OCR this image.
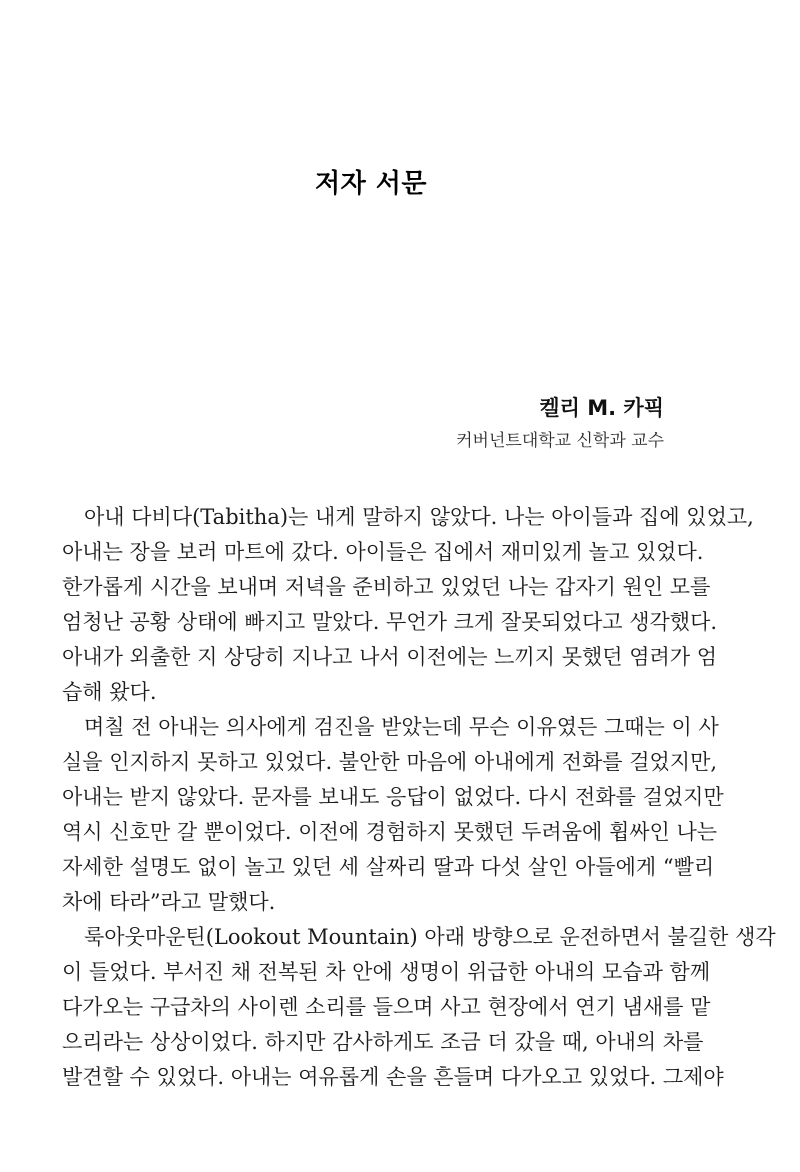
저자 서문
켈리 M. 카픽
커버넌트대학교 신학과 교수
아내 다비다(Tabitha)는 내게 말하지 않았다. 나는 아이들과 집에 있었고,
아내는 장을 보러 마트에 갔다. 아이들은 집에서 재미있게 놀고 있었다.
한가롭게 시간을 보내며 저녁을 준비하고 있었던 나는 갑자기 원인 모를
엄청난 공황 상태에 빠지고 말았다. 무언가 크게 잘못되었다고 생각했다.
아내가 외출한 지 상당히 지나고 나서 이전에는 느끼지 못했던 염려가 엄
습해 왔다.
며칠 전 아내는 의사에게 검진을 받았는데 무슨 이유였든 그때는 이 사
실을 인지하지 못하고 있었다. 불안한 마음에 아내에게 전화를 걸었지만,
아내는 받지 않았다. 문자를 보내도 응답이 없었다. 다시 전화를 걸었지만
역시 신호만 갈 뿐이었다. 이전에 경험하지 못했던 두려움에 휩싸인 나는
자세한 설명도 없이 놀고 있던 세 살짜리 딸과 다섯 살인 아들에게 “빨리
차에 타라”라고 말했다.
룩아웃마운틴(Lookout Mountain) 아래 방향으로 운전하면서 불길한 생각
이 들었다. 부서진 채 전복된 차 안에 생명이 위급한 아내의 모습과 함께
다가오는 구급차의 사이렌 소리를 들으며 사고 현장에서 연기 냄새를 맡
으리라는 상상이었다. 하지만 감사하게도 조금 더 갔을 때, 아내의 차를
발견할 수 있었다. 아내는 여유롭게 손을 흔들며 다가오고 있었다. 그제야
